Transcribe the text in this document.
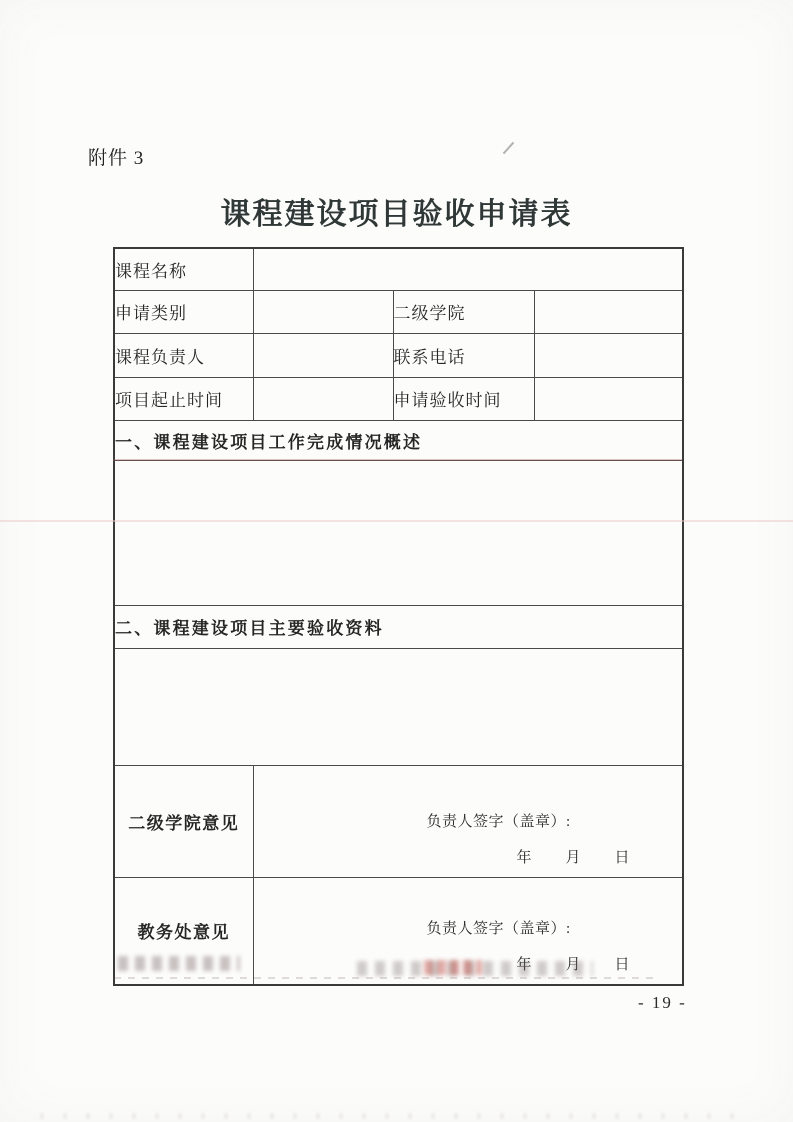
附件 3
课程建设项目验收申请表
课程名称			
申请类别		二级学院	
课程负责人		联系电话	
项目起止时间		申请验收时间	
一、课程建设项目工作完成情况概述			

二、课程建设项目主要验收资料			

二级学院意见	负责人签字（盖章）:
年 月 日		

教务处意见	负责人签字（盖章）:
年 月 日		
- 19 -
